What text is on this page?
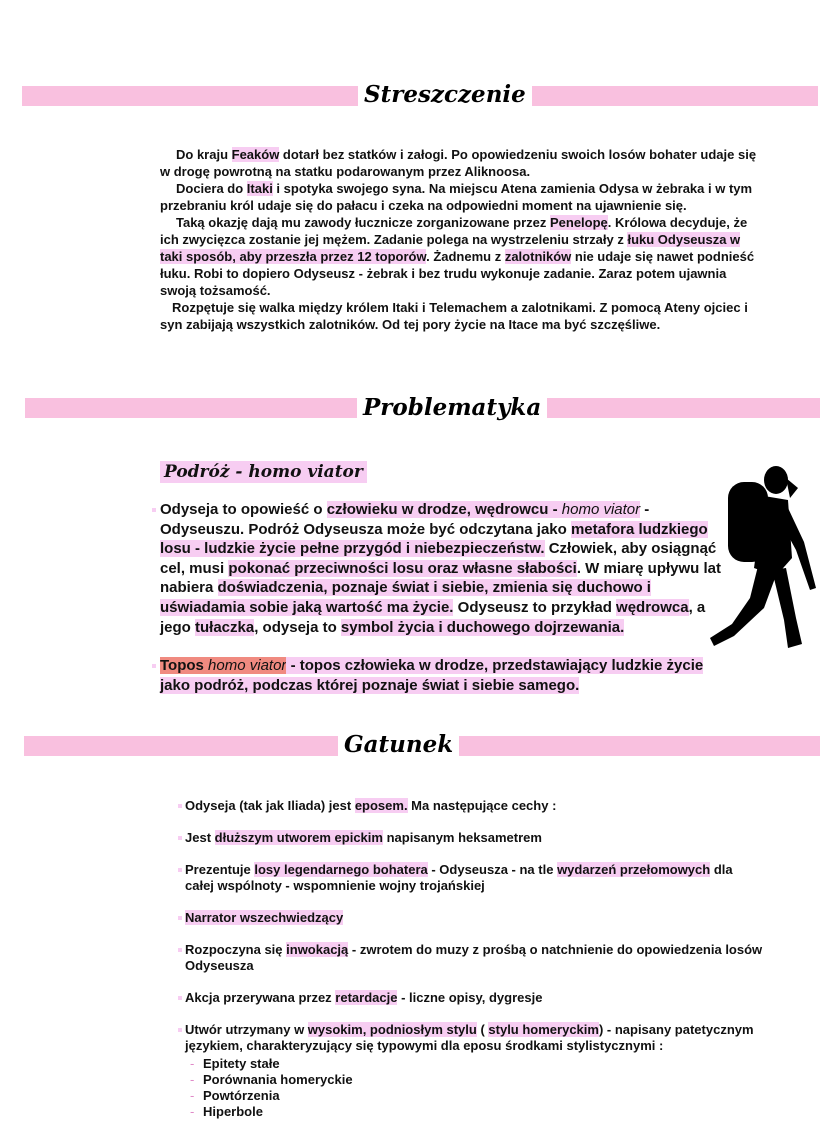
Streszczenie

Do kraju Feaków dotarł bez statków i załogi. Po opowiedzeniu swoich losów bohater udaje się w drogę powrotną na statku podarowanym przez Aliknoosa.

Dociera do Itaki i spotyka swojego syna. Na miejscu Atena zamienia Odysa w żebraka i w tym przebraniu król udaje się do pałacu i czeka na odpowiedni moment na ujawnienie się.

Taką okazję dają mu zawody łucznicze zorganizowane przez Penelopę. Królowa decyduje, że ich zwycięzca zostanie jej mężem. Zadanie polega na wystrzeleniu strzały z łuku Odyseusza w taki sposób, aby przeszła przez 12 toporów. Żadnemu z zalotników nie udaje się nawet podnieść łuku. Robi to dopiero Odyseusz - żebrak i bez trudu wykonuje zadanie. Zaraz potem ujawnia swoją tożsamość.

Rozpętuje się walka między królem Itaki i Telemachem a zalotnikami. Z pomocą Ateny ojciec i syn zabijają wszystkich zalotników. Od tej pory życie na Itace ma być szczęśliwe.

Problematyka
Podróż - homo viator

Odyseja to opowieść o człowieku w drodze, wędrowcu - homo viator - Odyseuszu. Podróż Odyseusza może być odczytana jako metafora ludzkiego losu - ludzkie życie pełne przygód i niebezpieczeństw. Człowiek, aby osiągnąć cel, musi pokonać przeciwności losu oraz własne słabości. W miarę upływu lat nabiera doświadczenia, poznaje świat i siebie, zmienia się duchowo i uświadamia sobie jaką wartość ma życie. Odyseusz to przykład wędrowca, a jego tułaczka, odyseja to symbol życia i duchowego dojrzewania.

Topos homo viator - topos człowieka w drodze, przedstawiający ludzkie życie jako podróż, podczas której poznaje świat i siebie samego.

Gatunek
Odyseja (tak jak Iliada) jest eposem. Ma następujące cechy :
Jest dłuższym utworem epickim napisanym heksametrem
Prezentuje losy legendarnego bohatera - Odyseusza - na tle wydarzeń przełomowych dla całej wspólnoty - wspomnienie wojny trojańskiej
Narrator wszechwiedzący
Rozpoczyna się inwokacją - zwrotem do muzy z prośbą o natchnienie do opowiedzenia losów Odyseusza
Akcja przerywana przez retardacje - liczne opisy, dygresje
Utwór utrzymany w wysokim, podniosłym stylu ( stylu homeryckim) - napisany patetycznym językiem, charakteryzujący się typowymi dla eposu środkami stylistycznymi :
- Epitety stałe
- Porównania homeryckie
- Powtórzenia
- Hiperbole
